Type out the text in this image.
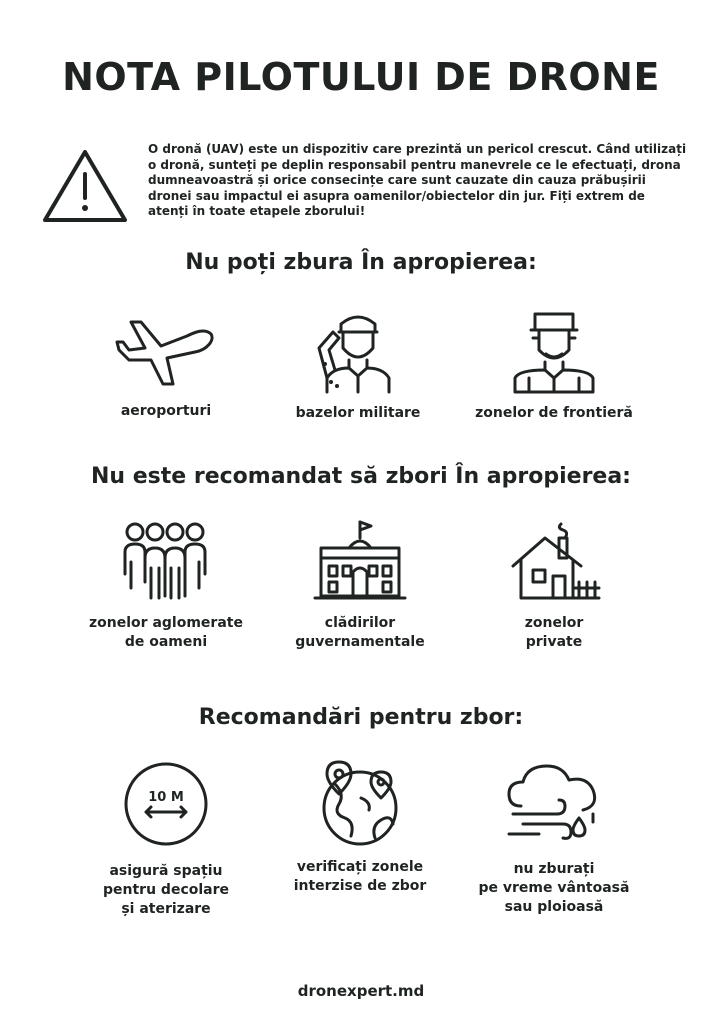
NOTA PILOTULUI DE DRONE
O dronă (UAV) este un dispozitiv care prezintă un pericol crescut. Când utilizați o dronă, sunteți pe deplin responsabil pentru manevrele ce le efectuați, drona dumneavoastră și orice consecințe care sunt cauzate din cauza prăbușirii dronei sau impactul ei asupra oamenilor/obiectelor din jur. Fiți extrem de atenți în toate etapele zborului!
Nu poți zbura În apropierea:
aeroporturi	bazelor militare	zonelor de frontieră
Nu este recomandat să zbori În apropierea:
zonelor aglomerate
de oameni
clădirilor
guvernamentale
zonelor
private
Recomandări pentru zbor:
10 M
asigură spațiu
pentru decolare
și aterizare
verificați zonele
interzise de zbor
nu zburați
pe vreme vântoasă
sau ploioasă
dronexpert.md
